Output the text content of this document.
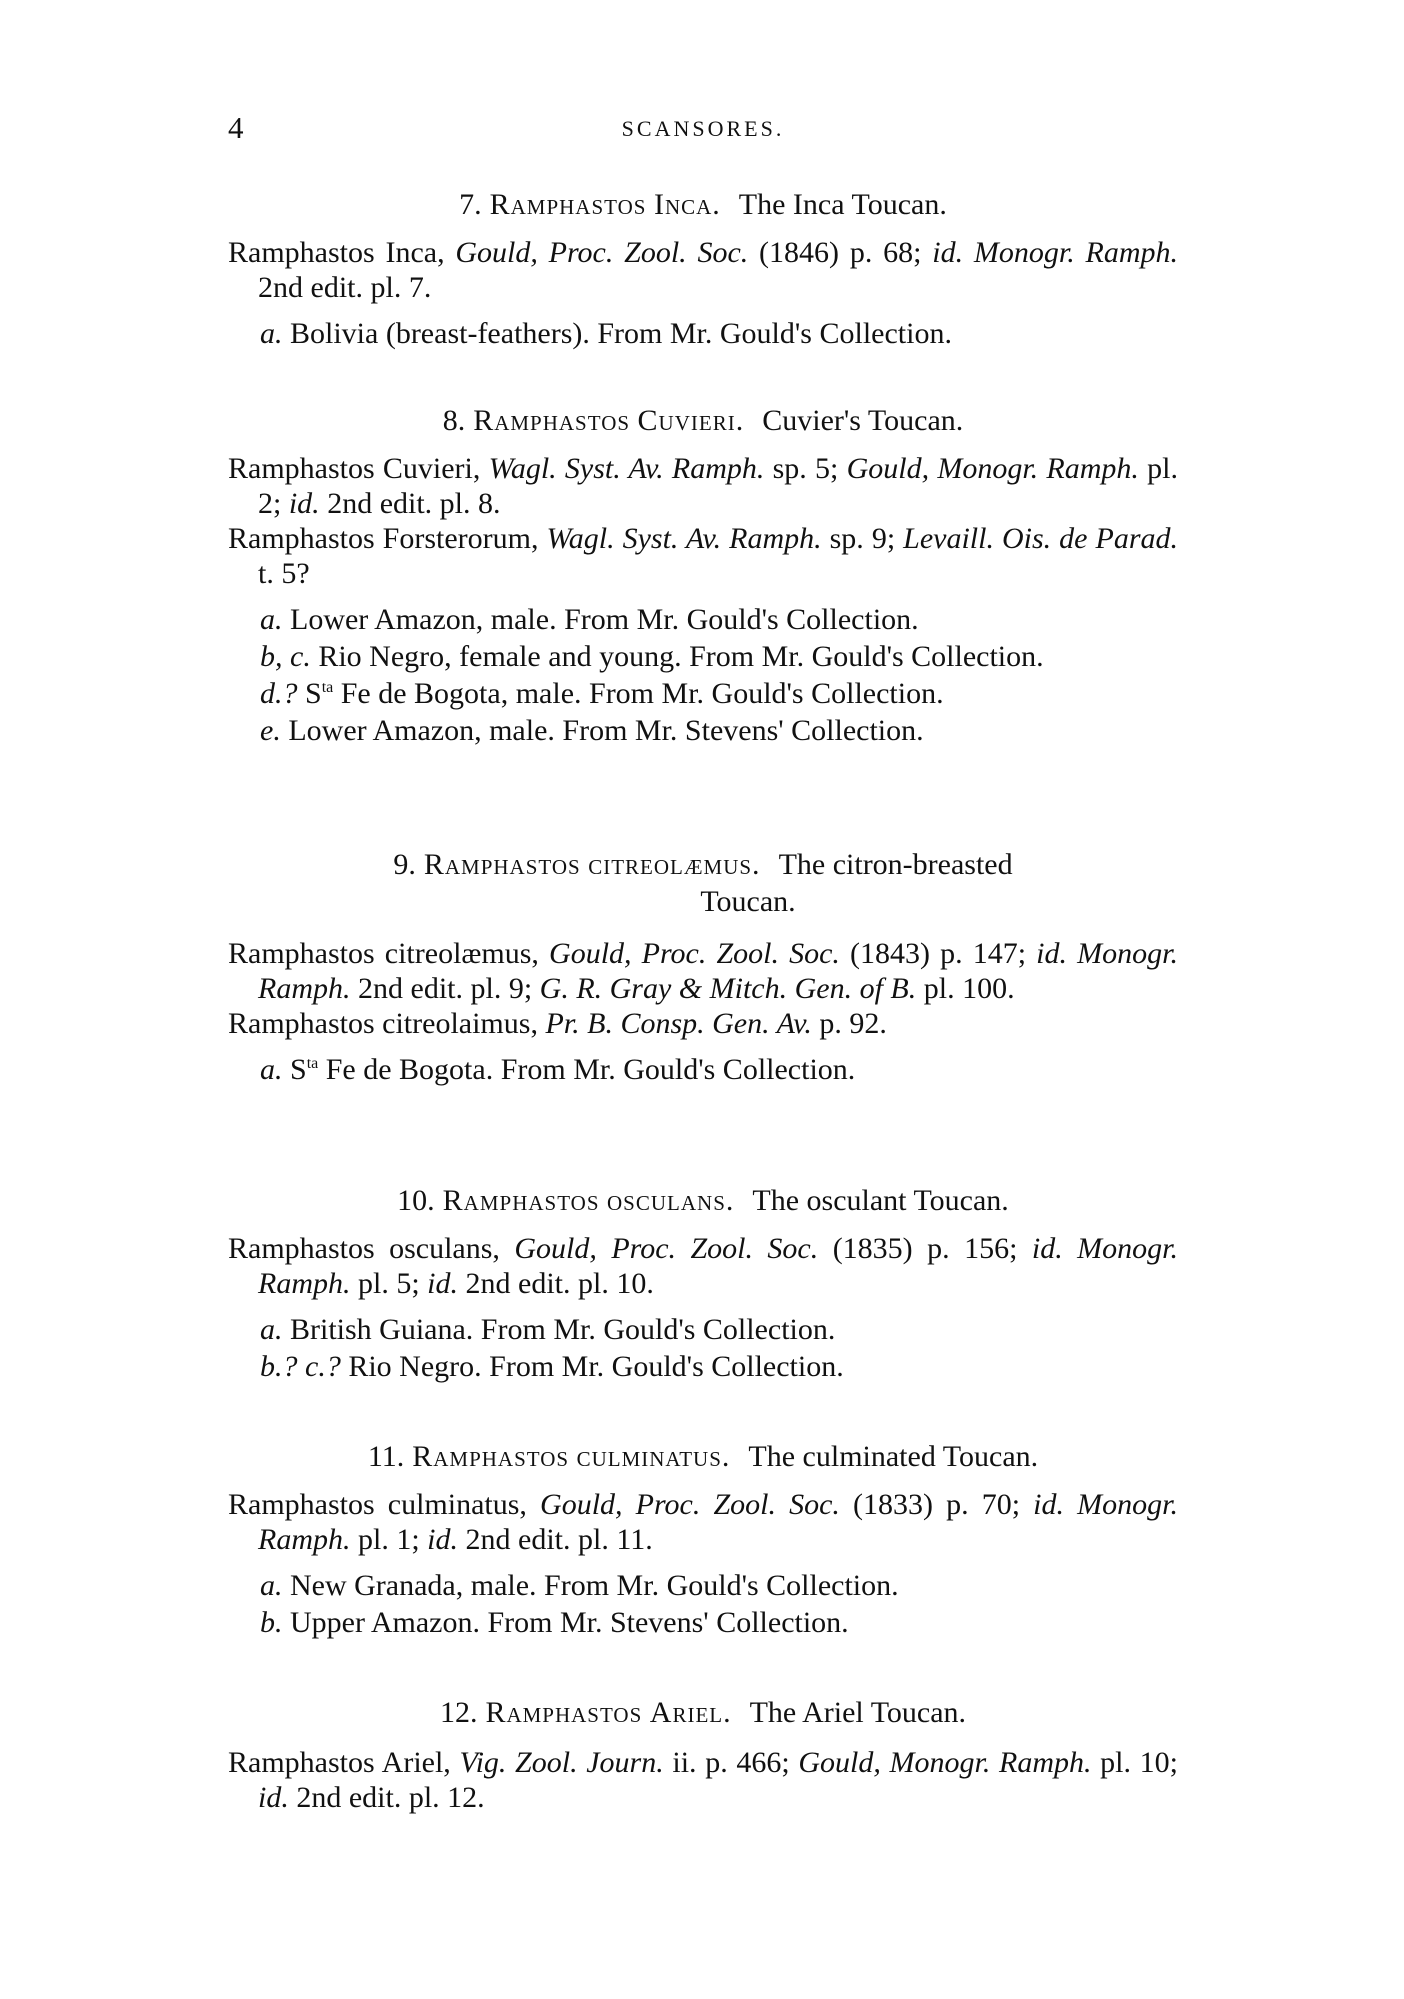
4	SCANSORES.

7. Ramphastos Inca. The Inca Toucan.

Ramphastos Inca, Gould, Proc. Zool. Soc. (1846) p. 68; id. Monogr. Ramph. 2nd edit. pl. 7.

a. Bolivia (breast-feathers). From Mr. Gould's Collection.

8. Ramphastos Cuvieri. Cuvier's Toucan.

Ramphastos Cuvieri, Wagl. Syst. Av. Ramph. sp. 5; Gould, Monogr. Ramph. pl. 2; id. 2nd edit. pl. 8.

Ramphastos Forsterorum, Wagl. Syst. Av. Ramph. sp. 9; Levaill. Ois. de Parad. t. 5?

a. Lower Amazon, male. From Mr. Gould's Collection.

b, c. Rio Negro, female and young. From Mr. Gould's Collection.

d.? $S^{ta}$ Fe de Bogota, male. From Mr. Gould's Collection.

e. Lower Amazon, male. From Mr. Stevens' Collection.

9. Ramphastos citreolæmus. The citron-breasted
Toucan.

Ramphastos citreolæmus, Gould, Proc. Zool. Soc. (1843) p. 147; id. Monogr. Ramph. 2nd edit. pl. 9; G. R. Gray & Mitch. Gen. of B. pl. 100.

Ramphastos citreolaimus, Pr. B. Consp. Gen. Av. p. 92.

a. $S^{ta}$ Fe de Bogota. From Mr. Gould's Collection.

10. Ramphastos osculans. The osculant Toucan.

Ramphastos osculans, Gould, Proc. Zool. Soc. (1835) p. 156; id. Monogr. Ramph. pl. 5; id. 2nd edit. pl. 10.

a. British Guiana. From Mr. Gould's Collection.

b.? c.? Rio Negro. From Mr. Gould's Collection.

11. Ramphastos culminatus. The culminated Toucan.

Ramphastos culminatus, Gould, Proc. Zool. Soc. (1833) p. 70; id. Monogr. Ramph. pl. 1; id. 2nd edit. pl. 11.

a. New Granada, male. From Mr. Gould's Collection.

b. Upper Amazon. From Mr. Stevens' Collection.

12. Ramphastos Ariel. The Ariel Toucan.

Ramphastos Ariel, Vig. Zool. Journ. ii. p. 466; Gould, Monogr. Ramph. pl. 10; id. 2nd edit. pl. 12.
